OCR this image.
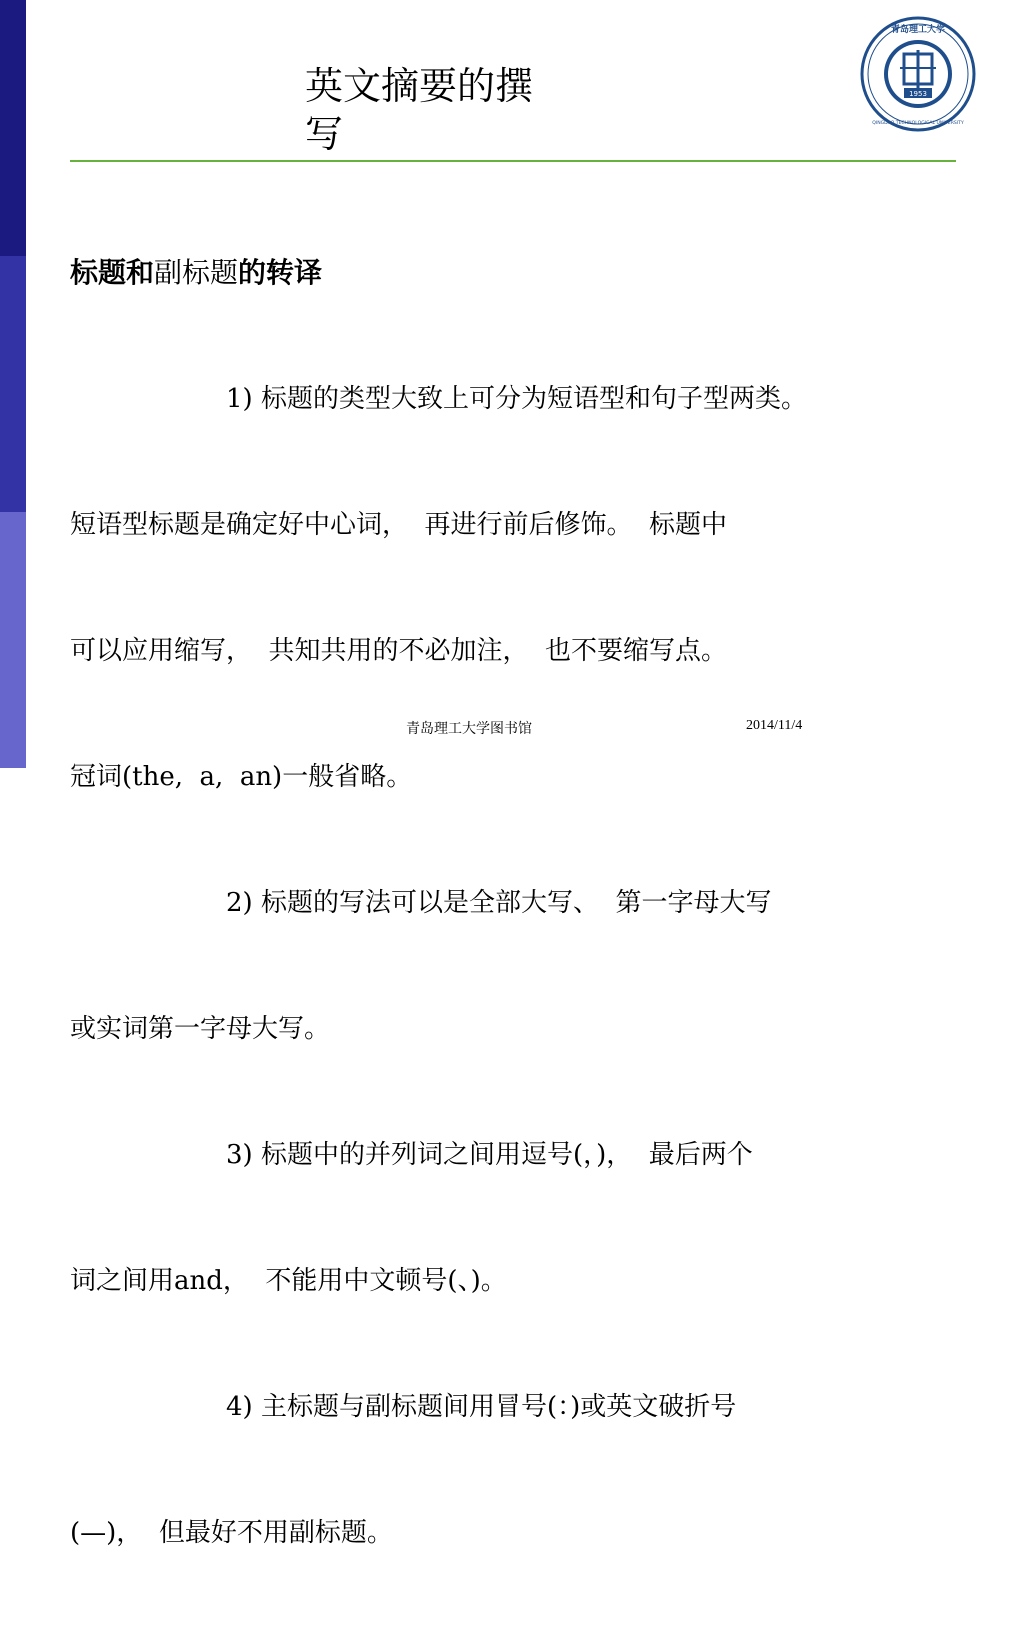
英文摘要的撰
写
1953
青岛理工大学
QINGDAO TECHNOLOGICAL UNIVERSITY

标题和副标题的转译

1) 标题的类型大致上可分为短语型和句子型两类。

短语型标题是确定好中心词，  再进行前后修饰。  标题中

可以应用缩写，  共知共用的不必加注，  也不要缩写点。

冠词(the,  a,  an)一般省略。

2) 标题的写法可以是全部大写、  第一字母大写

或实词第一字母大写。

3) 标题中的并列词之间用逗号(，)，  最后两个

词之间用and，  不能用中文顿号(、)。

4) 主标题与副标题间用冒号(：)或英文破折号

(—)，  但最好不用副标题。

青岛理工大学图书馆	2014/11/4
